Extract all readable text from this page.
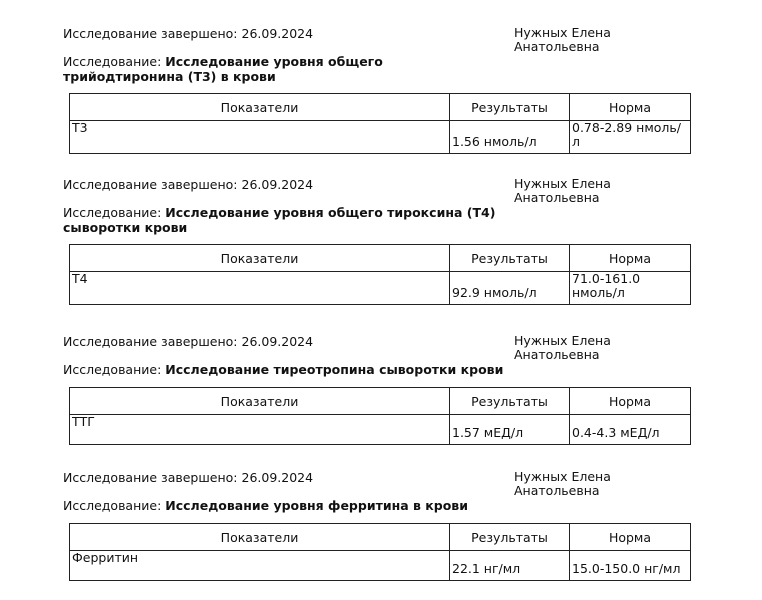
Исследование завершено: 26.09.2024	Нужных Елена
Анатольевна
Исследование: Исследование уровня общего трийодтиронина (Т3) в крови
Показатели	Результаты	Норма
Т3	1.56 нмоль/л	0.78-2.89 нмоль/л
Исследование завершено: 26.09.2024	Нужных Елена
Анатольевна
Исследование: Исследование уровня общего тироксина (Т4) сыворотки крови
Показатели	Результаты	Норма
Т4	92.9 нмоль/л	71.0-161.0 нмоль/л
Исследование завершено: 26.09.2024	Нужных Елена
Анатольевна
Исследование: Исследование тиреотропина сыворотки крови
Показатели	Результаты	Норма
ТТГ	1.57 мЕД/л	0.4-4.3 мЕД/л
Исследование завершено: 26.09.2024	Нужных Елена
Анатольевна
Исследование: Исследование уровня ферритина в крови
Показатели	Результаты	Норма
Ферритин	22.1 нг/мл	15.0-150.0 нг/мл
